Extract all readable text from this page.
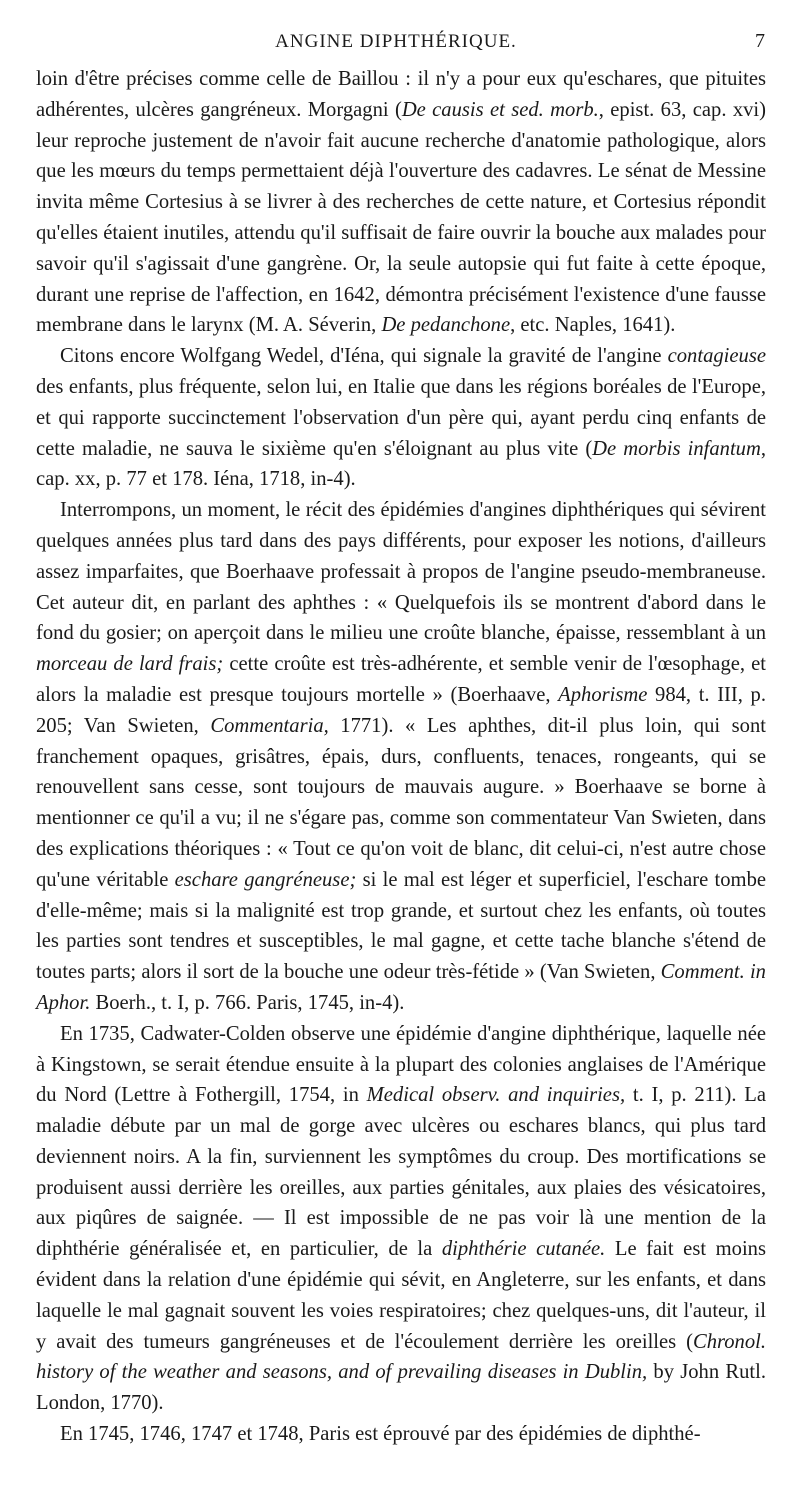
ANGINE DIPHTHÉRIQUE.	7

loin d'être précises comme celle de Baillou : il n'y a pour eux qu'eschares, que pituites adhérentes, ulcères gangréneux. Morgagni (De causis et sed. morb., epist. 63, cap. xvi) leur reproche justement de n'avoir fait aucune recherche d'anatomie pathologique, alors que les mœurs du temps permettaient déjà l'ouverture des cadavres. Le sénat de Messine invita même Cortesius à se livrer à des recherches de cette nature, et Cortesius répondit qu'elles étaient inutiles, attendu qu'il suffisait de faire ouvrir la bouche aux malades pour savoir qu'il s'agissait d'une gangrène. Or, la seule autopsie qui fut faite à cette époque, durant une reprise de l'affection, en 1642, démontra précisément l'existence d'une fausse membrane dans le larynx (M. A. Séverin, De pedanchone, etc. Naples, 1641).

Citons encore Wolfgang Wedel, d'Iéna, qui signale la gravité de l'angine contagieuse des enfants, plus fréquente, selon lui, en Italie que dans les régions boréales de l'Europe, et qui rapporte succinctement l'observation d'un père qui, ayant perdu cinq enfants de cette maladie, ne sauva le sixième qu'en s'éloignant au plus vite (De morbis infantum, cap. xx, p. 77 et 178. Iéna, 1718, in-4).

Interrompons, un moment, le récit des épidémies d'angines diphthériques qui sévirent quelques années plus tard dans des pays différents, pour exposer les notions, d'ailleurs assez imparfaites, que Boerhaave professait à propos de l'angine pseudo-membraneuse. Cet auteur dit, en parlant des aphthes : « Quelquefois ils se montrent d'abord dans le fond du gosier; on aperçoit dans le milieu une croûte blanche, épaisse, ressemblant à un morceau de lard frais; cette croûte est très-adhérente, et semble venir de l'œsophage, et alors la maladie est presque toujours mortelle » (Boerhaave, Aphorisme 984, t. III, p. 205; Van Swieten, Commentaria, 1771). « Les aphthes, dit-il plus loin, qui sont franchement opaques, grisâtres, épais, durs, confluents, tenaces, rongeants, qui se renouvellent sans cesse, sont toujours de mauvais augure. » Boerhaave se borne à mentionner ce qu'il a vu; il ne s'égare pas, comme son commentateur Van Swieten, dans des explications théoriques : « Tout ce qu'on voit de blanc, dit celui-ci, n'est autre chose qu'une véritable eschare gangréneuse; si le mal est léger et superficiel, l'eschare tombe d'elle-même; mais si la malignité est trop grande, et surtout chez les enfants, où toutes les parties sont tendres et susceptibles, le mal gagne, et cette tache blanche s'étend de toutes parts; alors il sort de la bouche une odeur très-fétide » (Van Swieten, Comment. in Aphor. Boerh., t. I, p. 766. Paris, 1745, in-4).

En 1735, Cadwater-Colden observe une épidémie d'angine diphthérique, laquelle née à Kingstown, se serait étendue ensuite à la plupart des colonies anglaises de l'Amérique du Nord (Lettre à Fothergill, 1754, in Medical observ. and inquiries, t. I, p. 211). La maladie débute par un mal de gorge avec ulcères ou eschares blancs, qui plus tard deviennent noirs. A la fin, surviennent les symptômes du croup. Des mortifications se produisent aussi derrière les oreilles, aux parties génitales, aux plaies des vésicatoires, aux piqûres de saignée. — Il est impossible de ne pas voir là une mention de la diphthérie généralisée et, en particulier, de la diphthérie cutanée. Le fait est moins évident dans la relation d'une épidémie qui sévit, en Angleterre, sur les enfants, et dans laquelle le mal gagnait souvent les voies respiratoires; chez quelques-uns, dit l'auteur, il y avait des tumeurs gangréneuses et de l'écoulement derrière les oreilles (Chronol. history of the weather and seasons, and of prevailing diseases in Dublin, by John Rutl. London, 1770).

En 1745, 1746, 1747 et 1748, Paris est éprouvé par des épidémies de diphthé-
